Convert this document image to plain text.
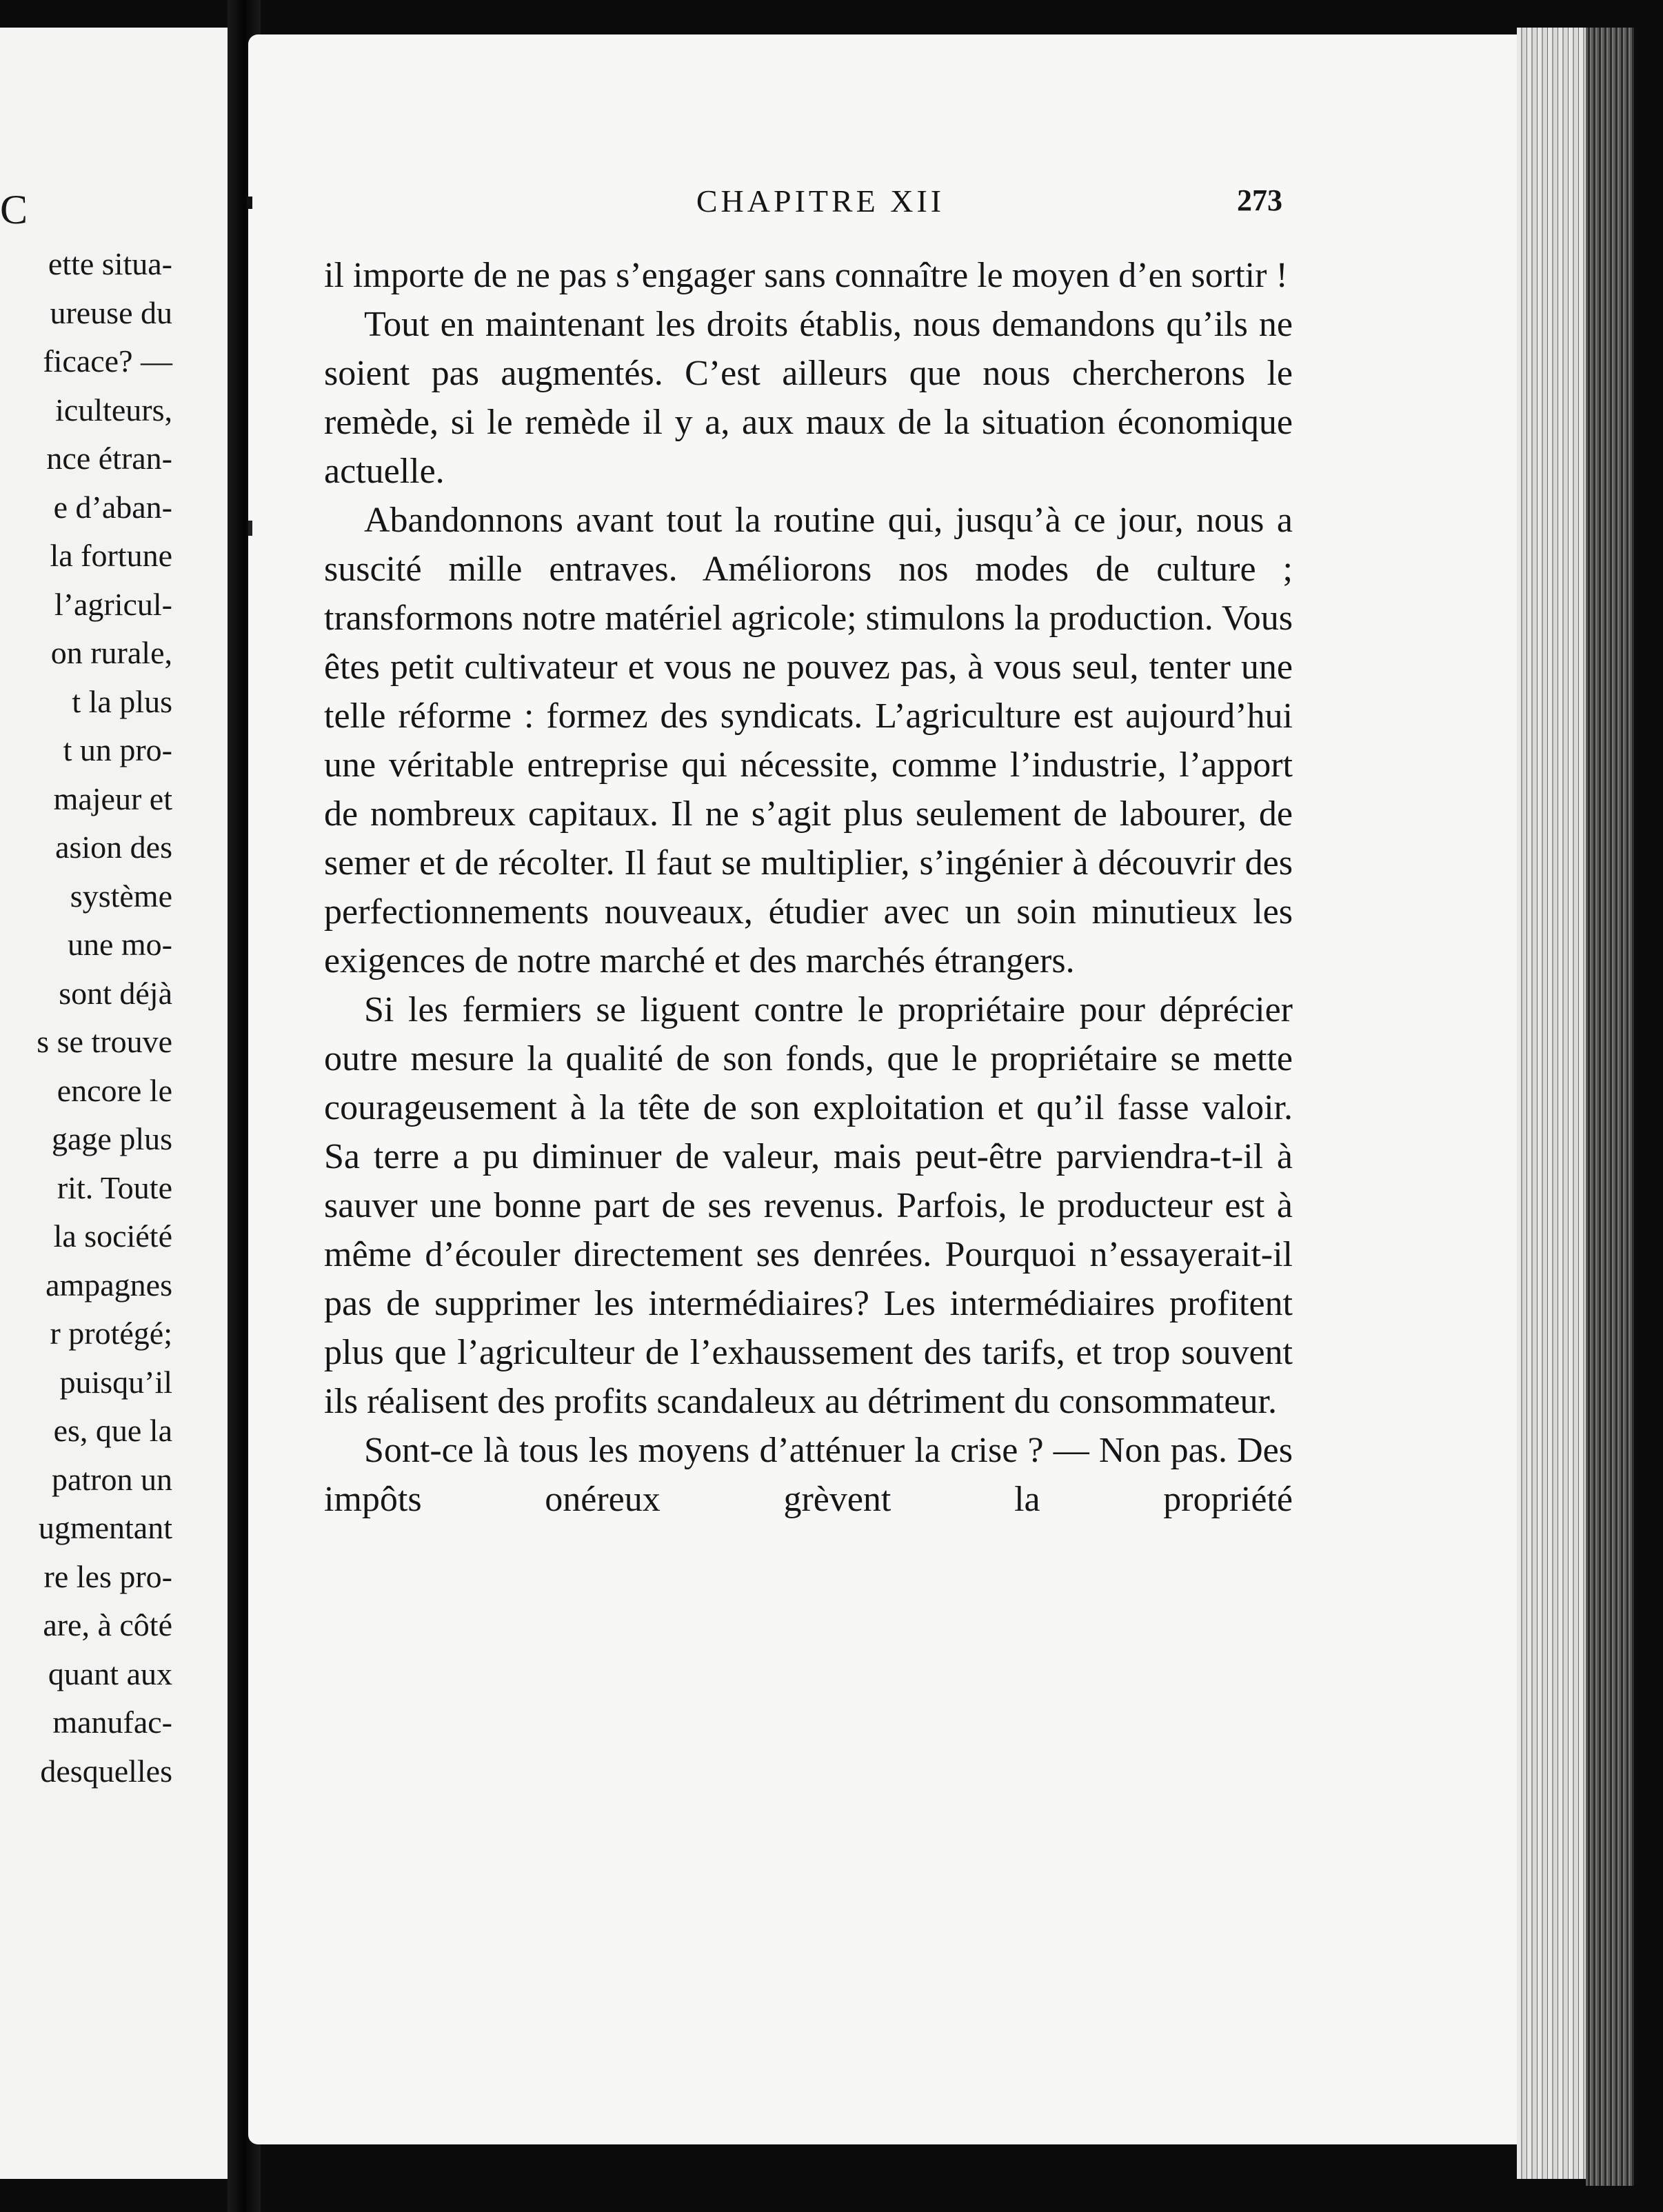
C
ette situa-
ureuse du
ficace? —
iculteurs,
nce étran-
e d’aban-
la fortune
l’agricul-
on rurale,
t la plus
t un pro-
majeur et
asion des
système
une mo-
sont déjà
s se trouve
encore le
gage plus
rit. Toute
la société
ampagnes
r protégé;
puisqu’il
es, que la
patron un
ugmentant
re les pro-
are, à côté
quant aux
manufac-
desquelles
CHAPITRE XII	273

il importe de ne pas s’engager sans connaître le moyen d’en sortir !

Tout en maintenant les droits établis, nous demandons qu’ils ne soient pas augmentés. C’est ailleurs que nous chercherons le remède, si le remède il y a, aux maux de la situation économique actuelle.

Abandonnons avant tout la routine qui, jusqu’à ce jour, nous a suscité mille entraves. Améliorons nos modes de culture ; transformons notre matériel agricole; stimulons la production. Vous êtes petit cultivateur et vous ne pouvez pas, à vous seul, tenter une telle réforme : formez des syndicats. L’agriculture est aujourd’hui une véritable entreprise qui nécessite, comme l’industrie, l’apport de nombreux capitaux. Il ne s’agit plus seulement de labourer, de semer et de récolter. Il faut se multiplier, s’ingénier à découvrir des perfectionnements nouveaux, étudier avec un soin minutieux les exigences de notre marché et des marchés étrangers.

Si les fermiers se liguent contre le propriétaire pour déprécier outre mesure la qualité de son fonds, que le propriétaire se mette courageusement à la tête de son exploitation et qu’il fasse valoir. Sa terre a pu diminuer de valeur, mais peut-être parviendra-t-il à sauver une bonne part de ses revenus. Parfois, le producteur est à même d’écouler directement ses denrées. Pourquoi n’essayerait-il pas de supprimer les intermédiaires? Les intermédiaires profitent plus que l’agriculteur de l’exhaussement des tarifs, et trop souvent ils réalisent des profits scandaleux au détriment du consommateur.

Sont-ce là tous les moyens d’atténuer la crise ? — Non pas. Des impôts onéreux grèvent la propriété
